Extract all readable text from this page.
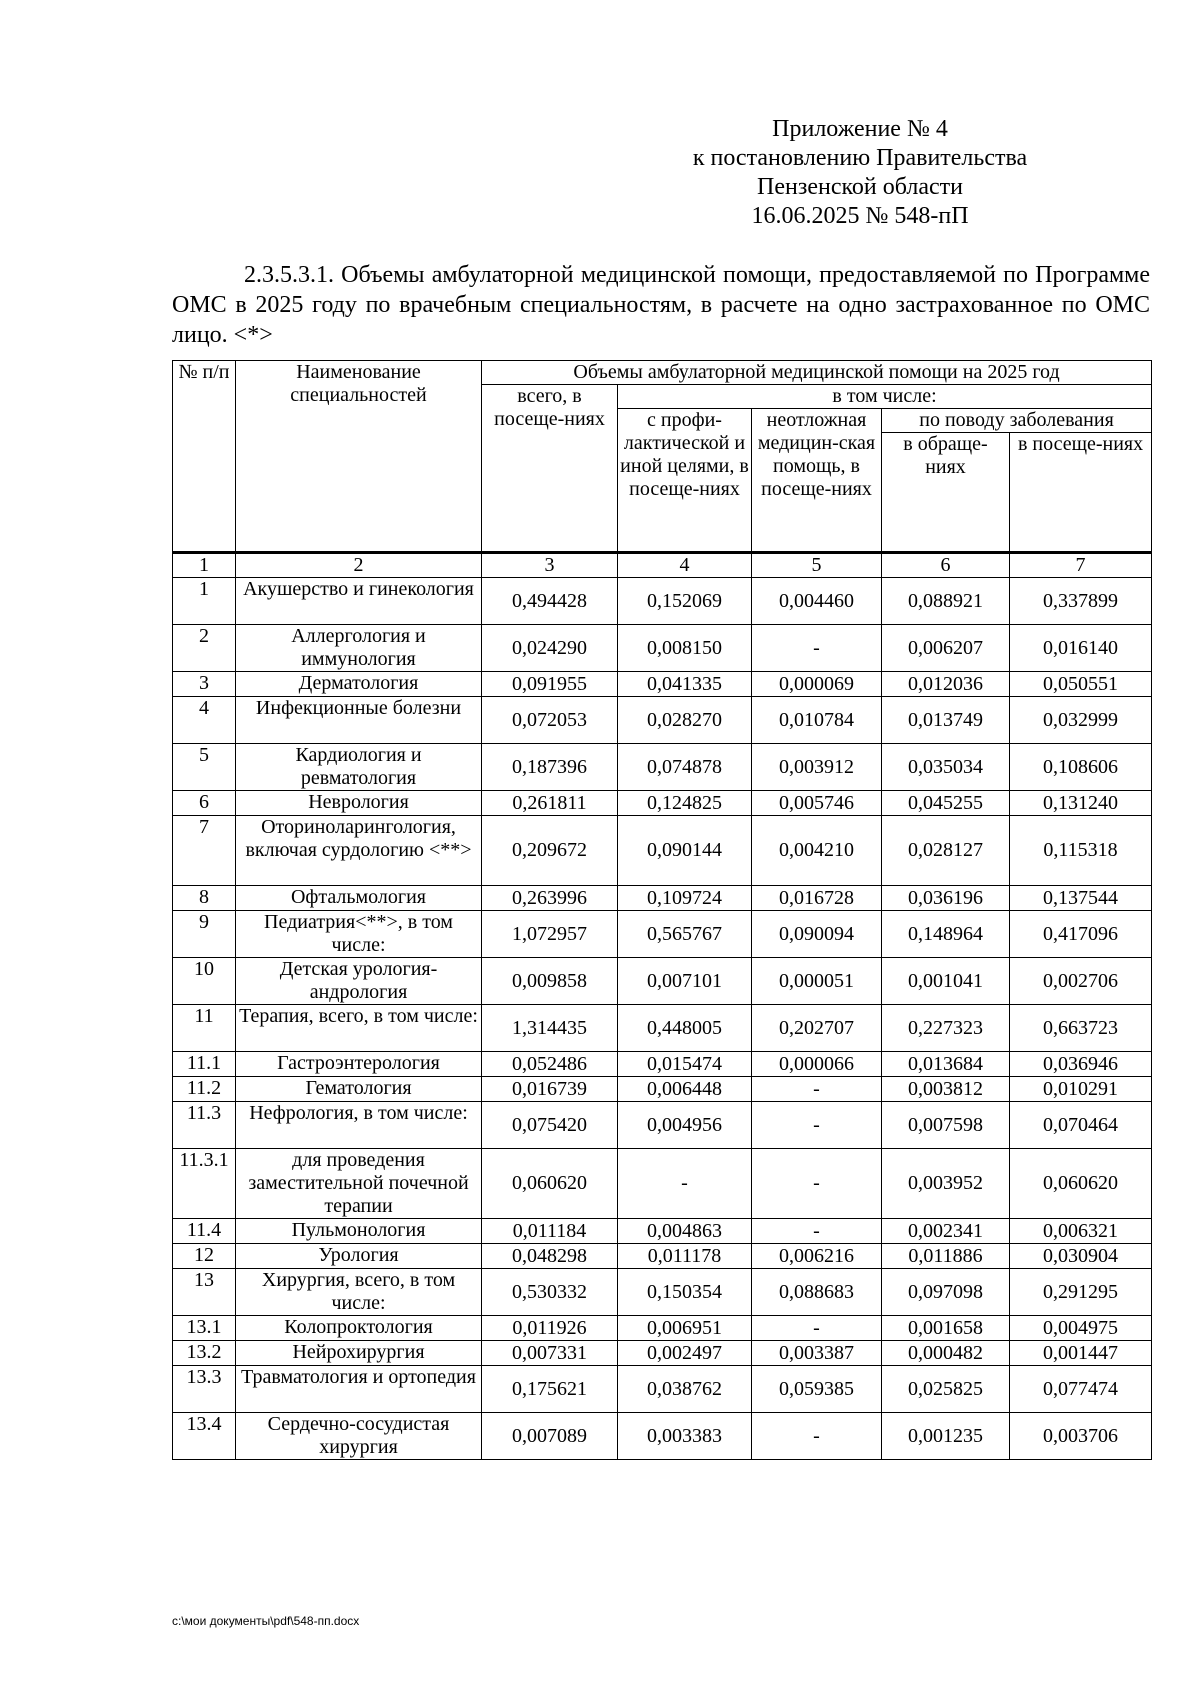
Приложение № 4
к постановлению Правительства
Пензенской области
16.06.2025 № 548-пП
2.3.5.3.1. Объемы амбулаторной медицинской помощи, предоставляемой по Программе ОМС в 2025 году по врачебным специальностям, в расчете на одно застрахованное по ОМС лицо. <*>
№ п/п	Наименование специальностей	Объемы амбулаторной медицинской помощи на 2025 год				
		всего, в посеще-ниях	в том числе:			
			с профи-лактической и иной целями, в посеще-ниях	неотложная медицин-ская помощь, в посеще-ниях	по поводу заболевания	
					в обраще-ниях	в посеще-ниях
1	2	3	4	5	6	7
1	Акушерство и гинекология	0,494428	0,152069	0,004460	0,088921	0,337899
2	Аллергология и иммунология	0,024290	0,008150	-	0,006207	0,016140
3	Дерматология	0,091955	0,041335	0,000069	0,012036	0,050551
4	Инфекционные болезни	0,072053	0,028270	0,010784	0,013749	0,032999
5	Кардиология и ревматология	0,187396	0,074878	0,003912	0,035034	0,108606
6	Неврология	0,261811	0,124825	0,005746	0,045255	0,131240
7	Оториноларингология, включая сурдологию <**>	0,209672	0,090144	0,004210	0,028127	0,115318
8	Офтальмология	0,263996	0,109724	0,016728	0,036196	0,137544
9	Педиатрия<**>, в том числе:	1,072957	0,565767	0,090094	0,148964	0,417096
10	Детская урология-андрология	0,009858	0,007101	0,000051	0,001041	0,002706
11	Терапия, всего, в том числе:	1,314435	0,448005	0,202707	0,227323	0,663723
11.1	Гастроэнтерология	0,052486	0,015474	0,000066	0,013684	0,036946
11.2	Гематология	0,016739	0,006448	-	0,003812	0,010291
11.3	Нефрология, в том числе:	0,075420	0,004956	-	0,007598	0,070464
11.3.1	для проведения заместительной почечной терапии	0,060620	-	-	0,003952	0,060620
11.4	Пульмонология	0,011184	0,004863	-	0,002341	0,006321
12	Урология	0,048298	0,011178	0,006216	0,011886	0,030904
13	Хирургия, всего, в том числе:	0,530332	0,150354	0,088683	0,097098	0,291295
13.1	Колопроктология	0,011926	0,006951	-	0,001658	0,004975
13.2	Нейрохирургия	0,007331	0,002497	0,003387	0,000482	0,001447
13.3	Травматология и ортопедия	0,175621	0,038762	0,059385	0,025825	0,077474
13.4	Сердечно-сосудистая хирургия	0,007089	0,003383	-	0,001235	0,003706
c:\мои документы\pdf\548-пп.docx
